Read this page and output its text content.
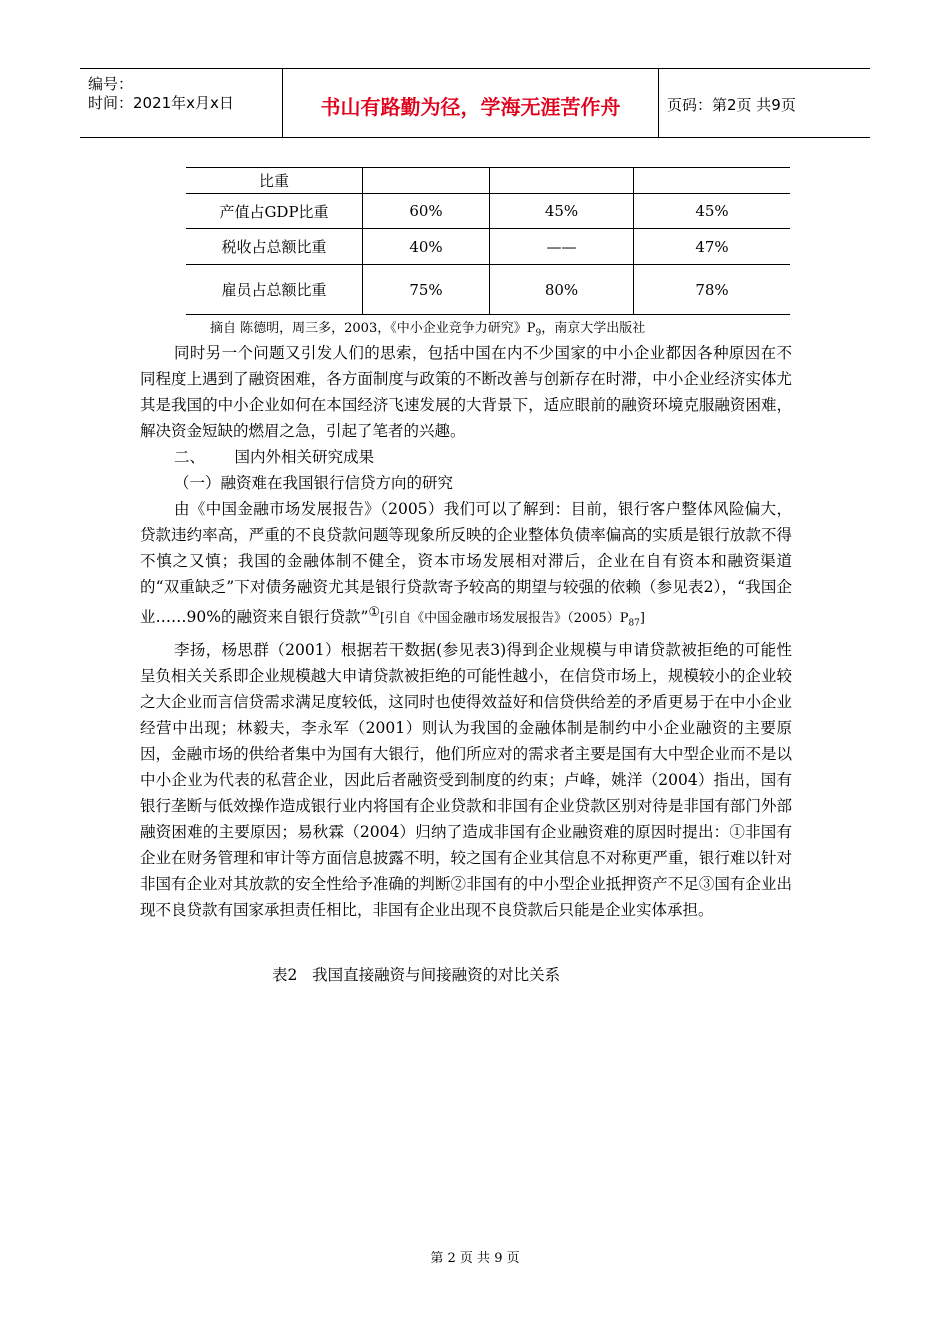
编号：
时间：2021年x月x日	书山有路勤为径，学海无涯苦作舟	页码：第2页 共9页
比重			
产值占GDP比重	60%	45%	45%
税收占总额比重	40%	——	47%
雇员占总额比重	75%	80%	78%
摘自 陈德明，周三多，2003，《中小企业竞争力研究》$P_9$，南京大学出版社

同时另一个问题又引发人们的思索，包括中国在内不少国家的中小企业都因各种原因在不同程度上遇到了融资困难，各方面制度与政策的不断改善与创新存在时滞，中小企业经济实体尤其是我国的中小企业如何在本国经济飞速发展的大背景下，适应眼前的融资环境克服融资困难，解决资金短缺的燃眉之急，引起了笔者的兴趣。

二、      国内外相关研究成果

（一）融资难在我国银行信贷方向的研究

由《中国金融市场发展报告》（2005）我们可以了解到：目前，银行客户整体风险偏大，贷款违约率高，严重的不良贷款问题等现象所反映的企业整体负债率偏高的实质是银行放款不得不慎之又慎；我国的金融体制不健全，资本市场发展相对滞后，企业在自有资本和融资渠道的“双重缺乏”下对债务融资尤其是银行贷款寄予较高的期望与较强的依赖（参见表2），“我国企业……90%的融资来自银行贷款”①[引自《中国金融市场发展报告》$(2005)P_{87}$]

李扬，杨思群（2001）根据若干数据(参见表3)得到企业规模与申请贷款被拒绝的可能性呈负相关关系即企业规模越大申请贷款被拒绝的可能性越小，在信贷市场上，规模较小的企业较之大企业而言信贷需求满足度较低，这同时也使得效益好和信贷供给差的矛盾更易于在中小企业经营中出现；林毅夫，李永军（2001）则认为我国的金融体制是制约中小企业融资的主要原因，金融市场的供给者集中为国有大银行，他们所应对的需求者主要是国有大中型企业而不是以中小企业为代表的私营企业，因此后者融资受到制度的约束；卢峰，姚洋（2004）指出，国有银行垄断与低效操作造成银行业内将国有企业贷款和非国有企业贷款区别对待是非国有部门外部融资困难的主要原因；易秋霖（2004）归纳了造成非国有企业融资难的原因时提出：①非国有企业在财务管理和审计等方面信息披露不明，较之国有企业其信息不对称更严重，银行难以针对非国有企业对其放款的安全性给予准确的判断②非国有的中小型企业抵押资产不足③国有企业出现不良贷款有国家承担责任相比，非国有企业出现不良贷款后只能是企业实体承担。

表2   我国直接融资与间接融资的对比关系
第 2 页 共 9 页
